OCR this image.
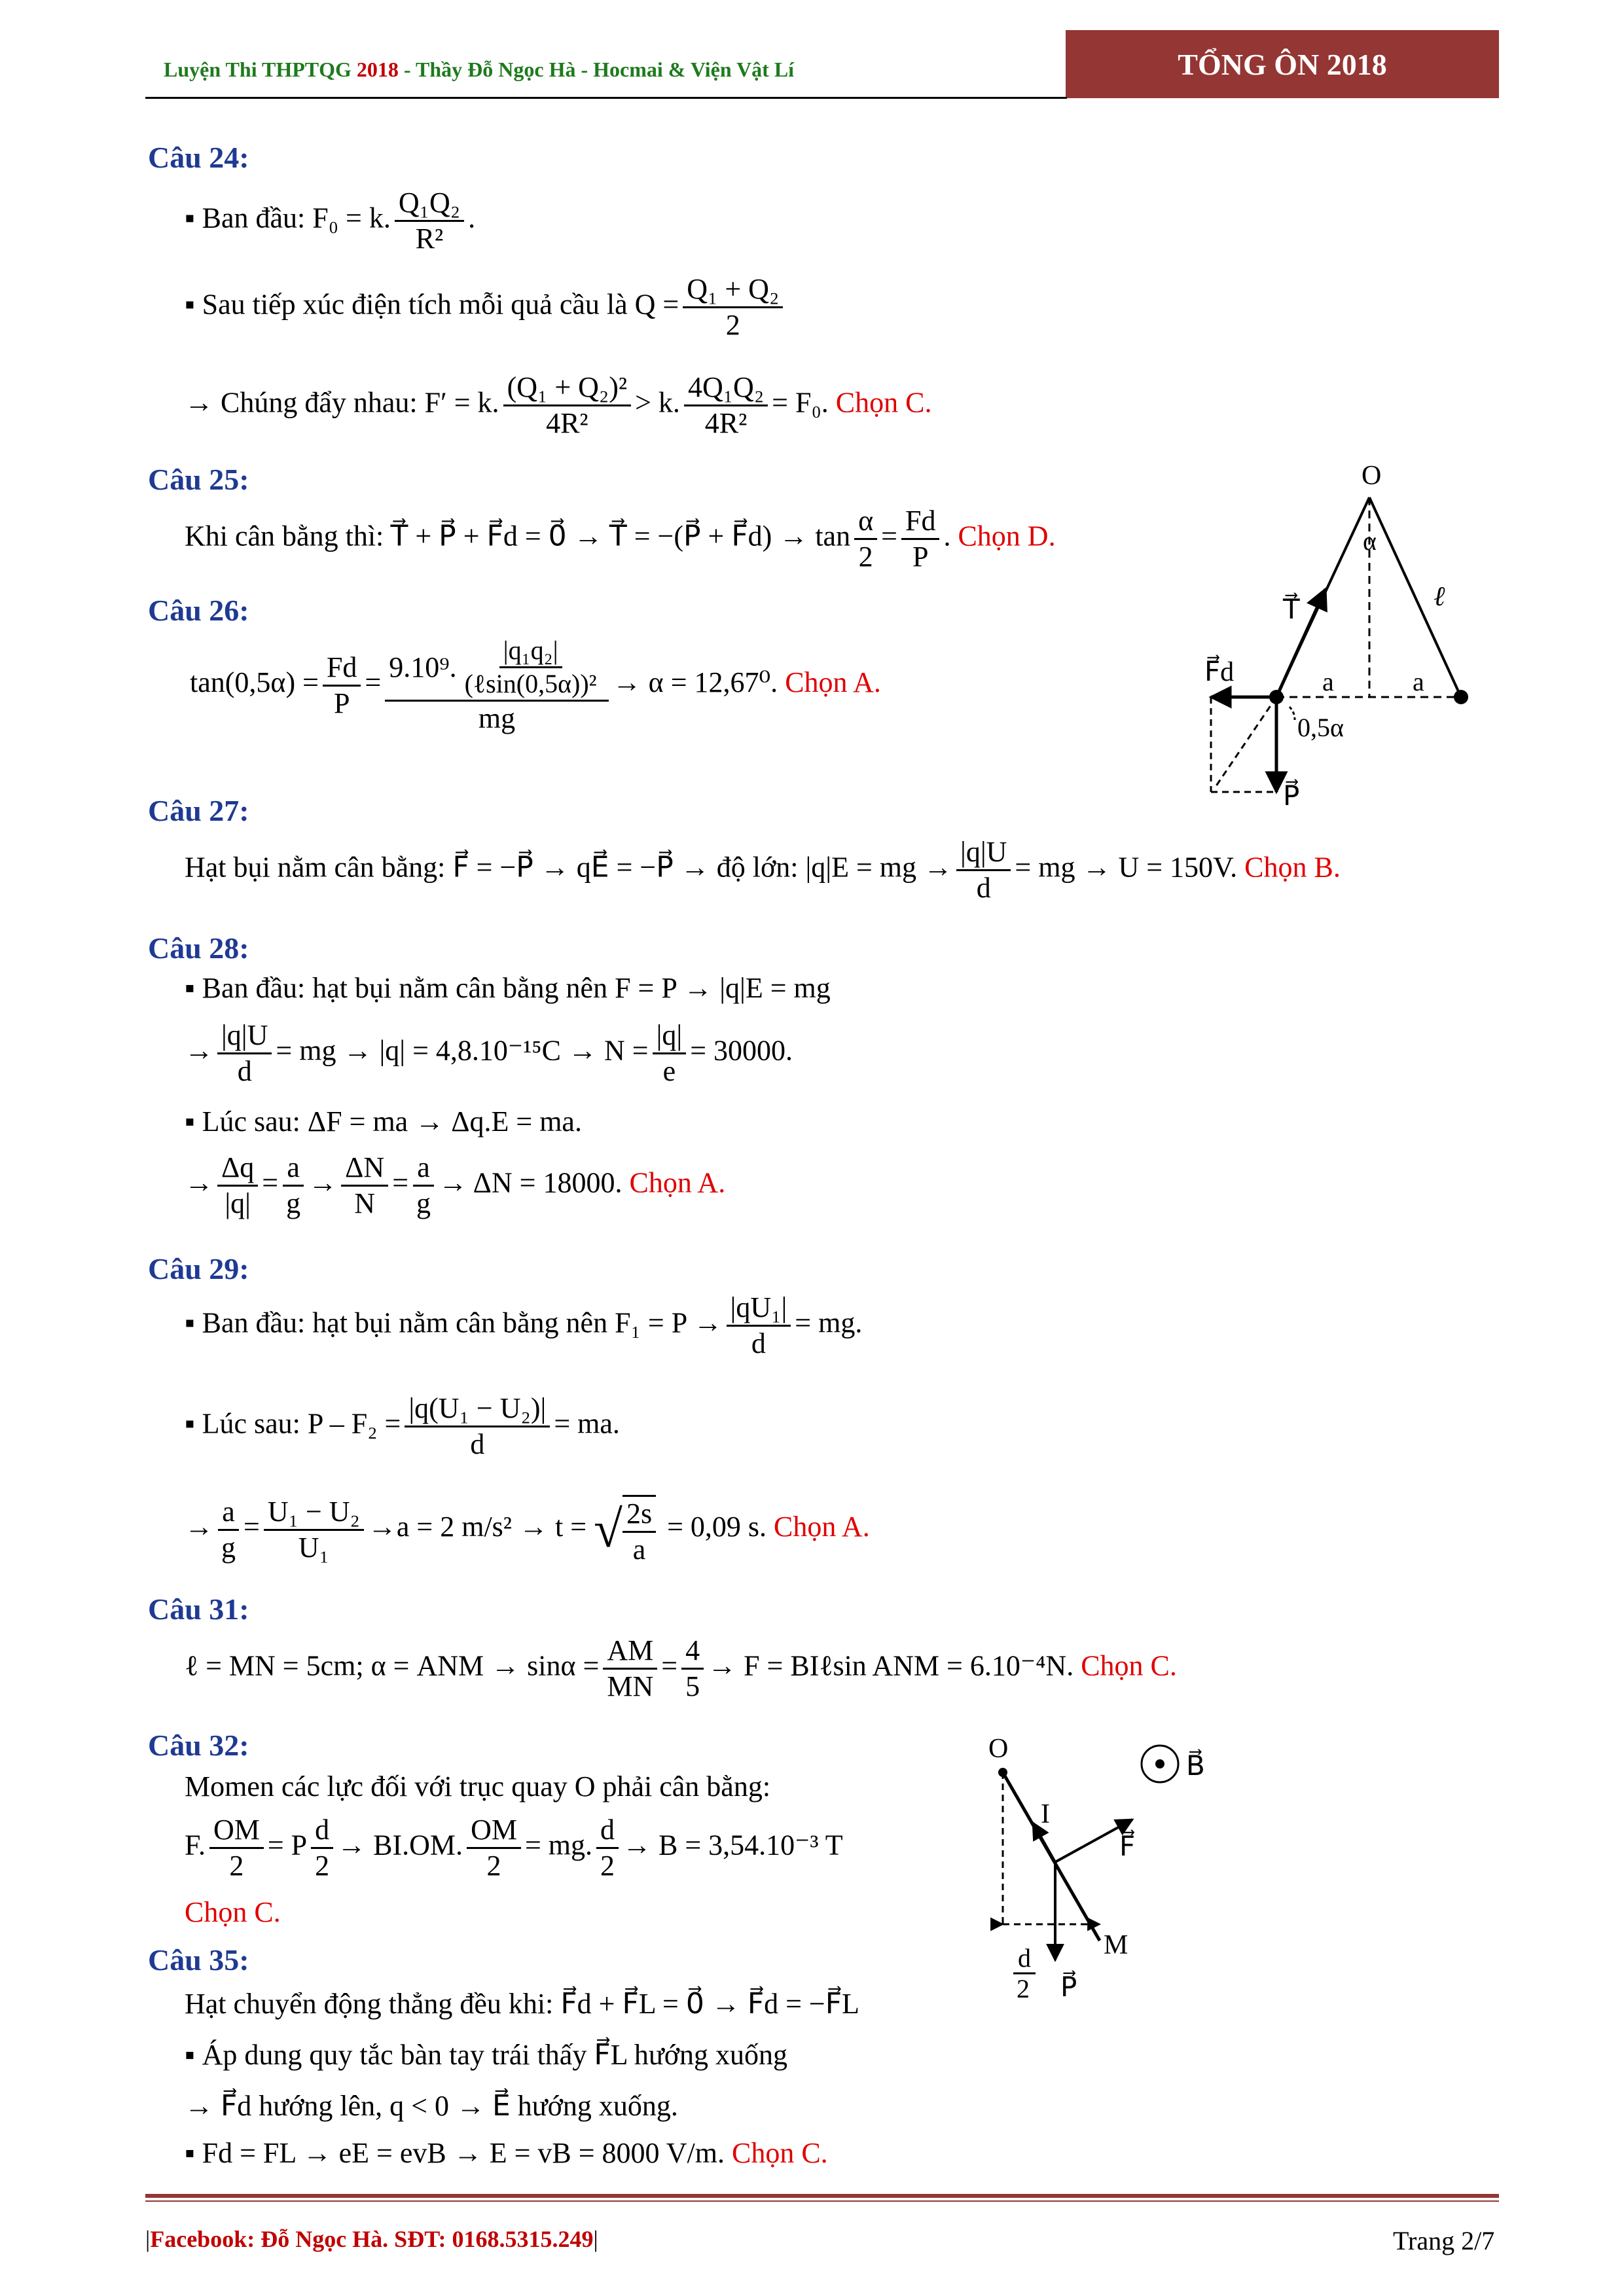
Luyện Thi THPTQG 2018 - Thầy Đỗ Ngọc Hà - Hocmai & Viện Vật Lí	TỔNG ÔN 2018
Câu 24:
▪ Ban đầu: F₀ = k. $\frac{\text{Q₁Q₂}}{\text{R²}}$ .
▪ Sau tiếp xúc điện tích mỗi quả cầu là $Q = \frac{\text{Q₁ + Q₂}}{2}$
→ Chúng đẩy nhau: F′ = k. $\frac{\text{(Q₁ + Q₂)²}}{\text{4R²}} > k$. $\frac{\text{4Q₁Q₂}}{\text{4R²}} = F_0$. Chọn C.
Câu 25:
Khi cân bằng thì: T⃗ + P⃗ + F⃗d = 0⃗ → T⃗ = −(P⃗ + F⃗d) → $\tan \frac{\alpha}{2} = \frac{Fd}{P}$ . Chọn D.
Câu 26:
$\tan(0,5\alpha) = \frac{Fd}{P} = \frac{9.10^9. \frac{\text{|q₁q₂|}}{\text{(ℓsin(0,5α))²}}}{mg} \to \alpha = 12,67^0$. Chọn A.
Câu 27:
Hạt bụi nằm cân bằng: F⃗ = −P⃗ → qE⃗ = −P⃗ → độ lớn: |q|E = mg → $\frac{|q|U}{d}$ = mg → U = 150V. Chọn B.
Câu 28:
▪ Ban đầu: hạt bụi nằm cân bằng nên F = P → |q|E = mg
→ $\frac{|q|U}{d}$ = mg → $|q| = 4,8.10^{-15}C \to N = \frac{|q|}{e} = 30000$.
▪ Lúc sau: ΔF = ma → Δq.E = ma.
→ $\frac{\Delta q}{|q|} = \frac{a}{g} \to \frac{\Delta N}{N} = \frac{a}{g} \to \Delta N = 18000$. Chọn A.
Câu 29:
▪ Ban đầu: hạt bụi nằm cân bằng nên $F_1 = P \to \frac{\text{|qU₁|}}{d}$ = mg.
▪ Lúc sau: $P - F_2 = \frac{\text{|q(U₁ − U₂)|}}{d}$ = ma.
→ $\frac{a}{g} = \frac{\text{U₁ − U₂}}{\text{U₁}} \to a = 2$ m/s² → t = √ $\frac{2s}{a} = 0,09$ s. Chọn A.
Câu 31:
ℓ = MN = 5cm; α = ANM → $\sin\alpha = \frac{AM}{MN} = \frac{4}{5} \to F$ = BIℓsin ANM = 6.10⁻⁴N. Chọn C.
Câu 32:
Momen các lực đối với trục quay O phải cân bằng:
F. $\frac{OM}{2} = P \frac{d}{2} \to BI.OM$. $\frac{OM}{2}$ = mg. $\frac{d}{2} \to B = 3,54.10^{-3}$ T
Chọn C.
Câu 35:
Hạt chuyển động thẳng đều khi: F⃗d + F⃗L = 0⃗ → F⃗d = −F⃗L
▪ Áp dung quy tắc bàn tay trái thấy F⃗L hướng xuống
→ F⃗d hướng lên, q < 0 → E⃗ hướng xuống.
▪ Fd = FL → eE = evB → E = vB = 8000 V/m. Chọn C.
O
α
T⃗	ℓ
F⃗d	a	a
P⃗
0,5α
O
I
F⃗
P⃗
M
d
2
B⃗
|Facebook: Đỗ Ngọc Hà. SĐT: 0168.5315.249|	Trang 2/7
